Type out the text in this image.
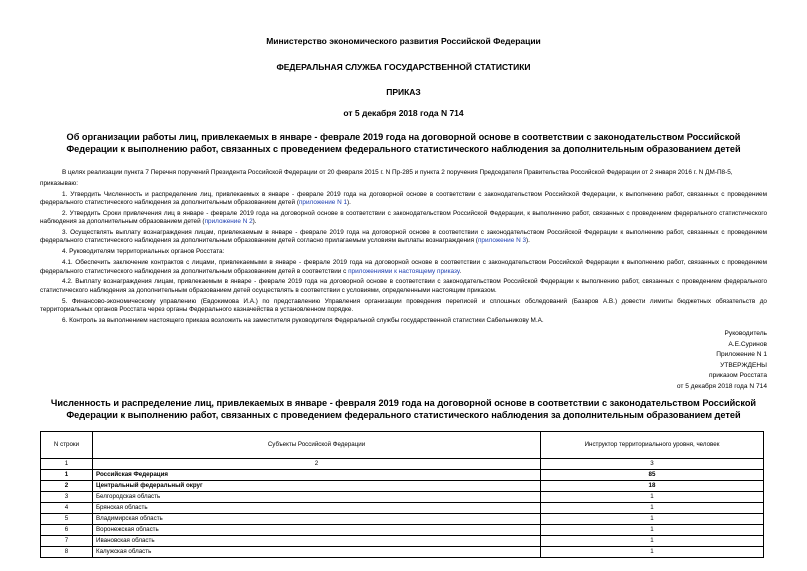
Министерство экономического развития Российской Федерации
ФЕДЕРАЛЬНАЯ СЛУЖБА ГОСУДАРСТВЕННОЙ СТАТИСТИКИ
ПРИКАЗ
от 5 декабря 2018 года N 714
Об организации работы лиц, привлекаемых в январе - феврале 2019 года на договорной основе в соответствии с законодательством Российской Федерации к выполнению работ, связанных с проведением федерального статистического наблюдения за дополнительным образованием детей

В целях реализации пункта 7 Перечня поручений Президента Российской Федерации от 20 февраля 2015 г. N Пр-285 и пункта 2 поручения Председателя Правительства Российской Федерации от 2 января 2016 г. N ДМ-П8-5,

приказываю:

1. Утвердить Численность и распределение лиц, привлекаемых в январе - феврале 2019 года на договорной основе в соответствии с законодательством Российской Федерации, к выполнению работ, связанных с проведением федерального статистического наблюдения за дополнительным образованием детей (приложение N 1).

2. Утвердить Сроки привлечения лиц в январе - феврале 2019 года на договорной основе в соответствии с законодательством Российской Федерации, к выполнению работ, связанных с проведением федерального статистического наблюдения за дополнительным образованием детей (приложение N 2).

3. Осуществлять выплату вознаграждения лицам, привлекаемым в январе - феврале 2019 года на договорной основе в соответствии с законодательством Российской Федерации к выполнению работ, связанных с проведением федерального статистического наблюдения за дополнительным образованием детей согласно прилагаемым условиям выплаты вознаграждения (приложение N 3).

4. Руководителям территориальных органов Росстата:

4.1. Обеспечить заключение контрактов с лицами, привлекаемыми в январе - феврале 2019 года на договорной основе в соответствии с законодательством Российской Федерации к выполнению работ, связанных с проведением федерального статистического наблюдения за дополнительным образованием детей в соответствии с приложениями к настоящему приказу.

4.2. Выплату вознаграждения лицам, привлекаемым в январе - феврале 2019 года на договорной основе в соответствии с законодательством Российской Федерации к выполнению работ, связанных с проведением федерального статистического наблюдения за дополнительным образованием детей осуществлять в соответствии с условиями, определенными настоящим приказом.

5. Финансово-экономическому управлению (Евдокимова И.А.) по представлению Управления организации проведения переписей и сплошных обследований (Базаров А.В.) довести лимиты бюджетных обязательств до территориальных органов Росстата через органы Федерального казначейства в установленном порядке.

6. Контроль за выполнением настоящего приказа возложить на заместителя руководителя Федеральной службы государственной статистики Сабельникову М.А.

Руководитель
А.Е.Суринов
Приложение N 1
УТВЕРЖДЕНЫ
приказом Росстата
от 5 декабря 2018 года N 714
Численность и распределение лиц, привлекаемых в январе - февраля 2019 года на договорной основе в соответствии с законодательством Российской Федерации к выполнению работ, связанных с проведением федерального статистического наблюдения за дополнительным образованием детей
N строки	Субъекты Российской Федерации	Инструктор территориального уровня, человек
1	2	3
1	Российская Федерация	85
2	Центральный федеральный округ	18
3	Белгородская область	1
4	Брянская область	1
5	Владимирская область	1
6	Воронежская область	1
7	Ивановская область	1
8	Калужская область	1
